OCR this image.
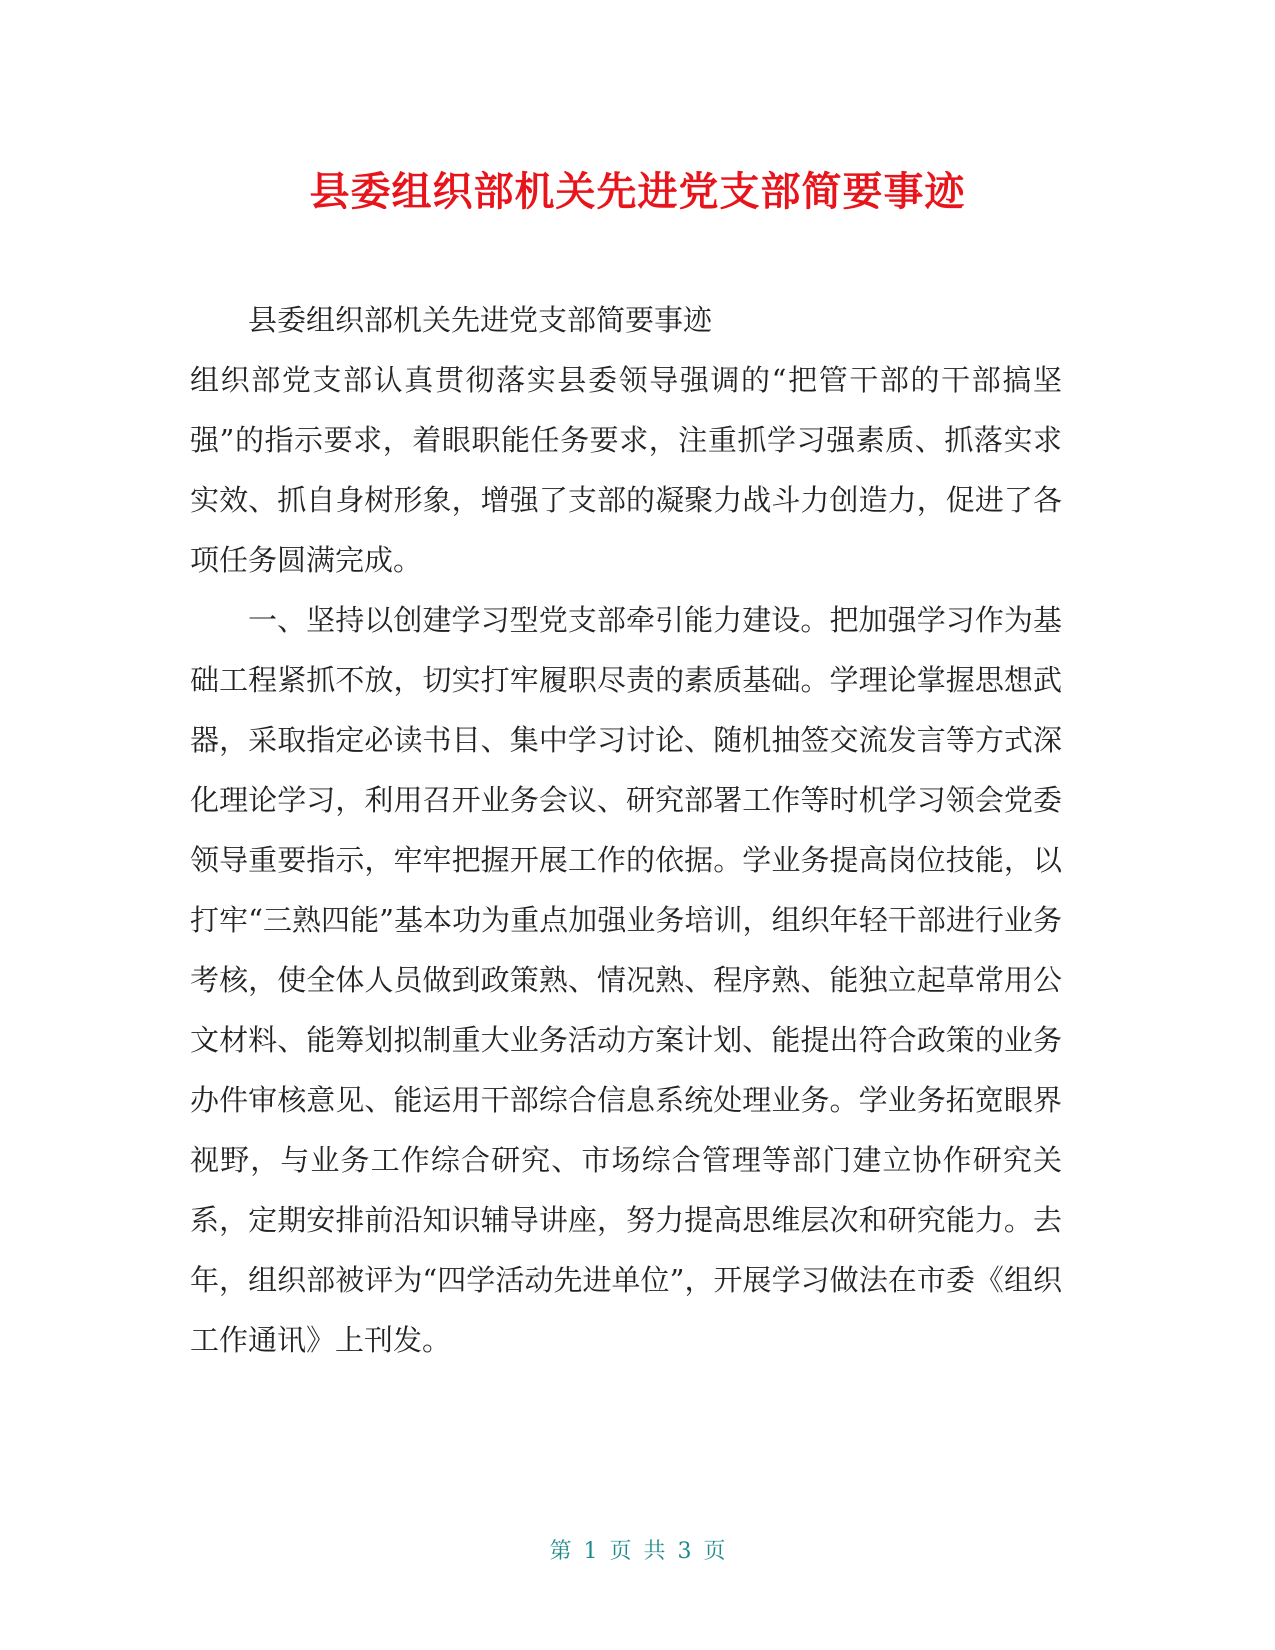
县委组织部机关先进党支部简要事迹

县委组织部机关先进党支部简要事迹

组织部党支部认真贯彻落实县委领导强调的“把管干部的干部搞坚强”的指示要求，着眼职能任务要求，注重抓学习强素质、抓落实求实效、抓自身树形象，增强了支部的凝聚力战斗力创造力，促进了各项任务圆满完成。

一、坚持以创建学习型党支部牵引能力建设。把加强学习作为基础工程紧抓不放，切实打牢履职尽责的素质基础。学理论掌握思想武器，采取指定必读书目、集中学习讨论、随机抽签交流发言等方式深化理论学习，利用召开业务会议、研究部署工作等时机学习领会党委领导重要指示，牢牢把握开展工作的依据。学业务提高岗位技能，以打牢“三熟四能”基本功为重点加强业务培训，组织年轻干部进行业务考核，使全体人员做到政策熟、情况熟、程序熟、能独立起草常用公文材料、能筹划拟制重大业务活动方案计划、能提出符合政策的业务办件审核意见、能运用干部综合信息系统处理业务。学业务拓宽眼界视野，与业务工作综合研究、市场综合管理等部门建立协作研究关系，定期安排前沿知识辅导讲座，努力提高思维层次和研究能力。去年，组织部被评为“四学活动先进单位”，开展学习做法在市委《组织工作通讯》上刊发。

第 1 页 共 3 页
